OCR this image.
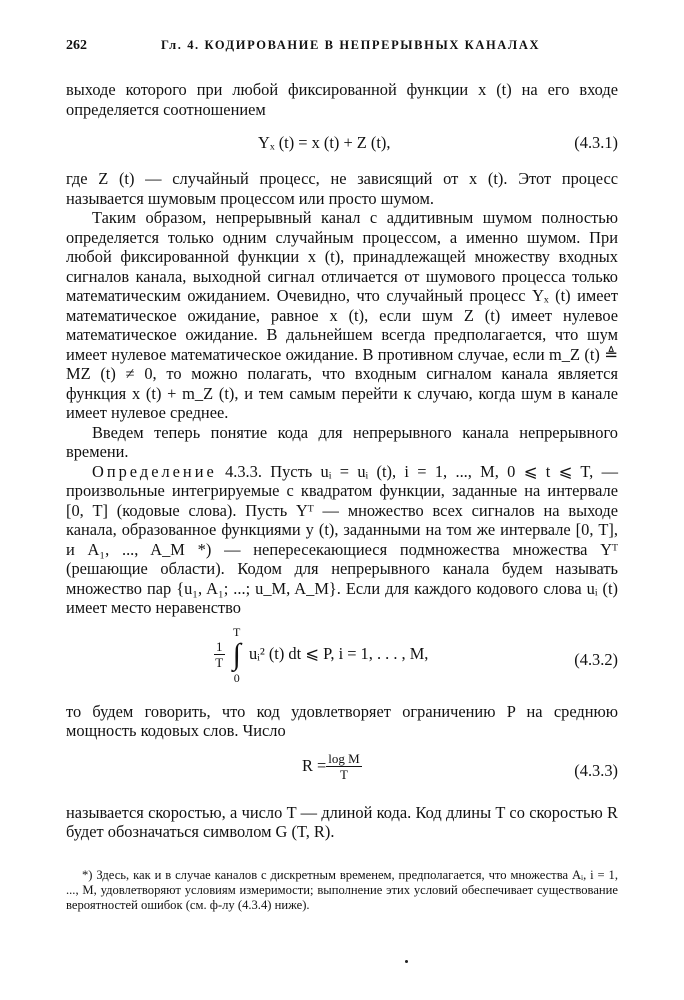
262	Гл. 4. КОДИРОВАНИЕ В НЕПРЕРЫВНЫХ КАНАЛАХ

выходе которого при любой фиксированной функции x (t) на его входе определяется соотношением

Yₓ (t) = x (t) + Z (t),	(4.3.1)

где Z (t) — случайный процесс, не зависящий от x (t). Этот процесс называется шумовым процессом или просто шумом.

Таким образом, непрерывный канал с аддитивным шумом полностью определяется только одним случайным процессом, а именно шумом. При любой фиксированной функции x (t), принадлежащей множеству входных сигналов канала, выходной сигнал отличается от шумового процесса только математическим ожиданием. Очевидно, что случайный процесс Yₓ (t) имеет математическое ожидание, равное x (t), если шум Z (t) имеет нулевое математическое ожидание. В дальнейшем всегда предполагается, что шум имеет нулевое математическое ожидание. В противном случае, если m_Z (t) ≜ MZ (t) ≠ 0, то можно полагать, что входным сигналом канала является функция x (t) + m_Z (t), и тем самым перейти к случаю, когда шум в канале имеет нулевое среднее.

Введем теперь понятие кода для непрерывного канала непрерывного времени.

Определение 4.3.3. Пусть uᵢ = uᵢ (t), i = 1, ..., M, 0 ⩽ t ⩽ T, — произвольные интегрируемые с квадратом функции, заданные на интервале [0, T] (кодовые слова). Пусть Yᵀ — множество всех сигналов на выходе канала, образованное функциями y (t), заданными на том же интервале [0, T], и A₁, ..., A_M *) — непересекающиеся подмножества множества Yᵀ (решающие области). Кодом для непрерывного канала будем называть множество пар {u₁, A₁; ...; u_M, A_M}. Если для каждого кодового слова uᵢ (t) имеет место неравенство

$\frac{1}{T}$

T
∫
0
uᵢ² (t) dt ⩽ P, i = 1, . . . , M,	(4.3.2)

то будем говорить, что код удовлетворяет ограничению P на среднюю мощность кодовых слов. Число

$R = \frac{\text{log M}}{T}$	(4.3.3)

называется скоростью, а число T — длиной кода. Код длины T со скоростью R будет обозначаться символом G (T, R).

*) Здесь, как и в случае каналов с дискретным временем, предполагается, что множества Aᵢ, i = 1, ..., M, удовлетворяют условиям измеримости; выполнение этих условий обеспечивает существование вероятностей ошибок (см. ф-лу (4.3.4) ниже).
